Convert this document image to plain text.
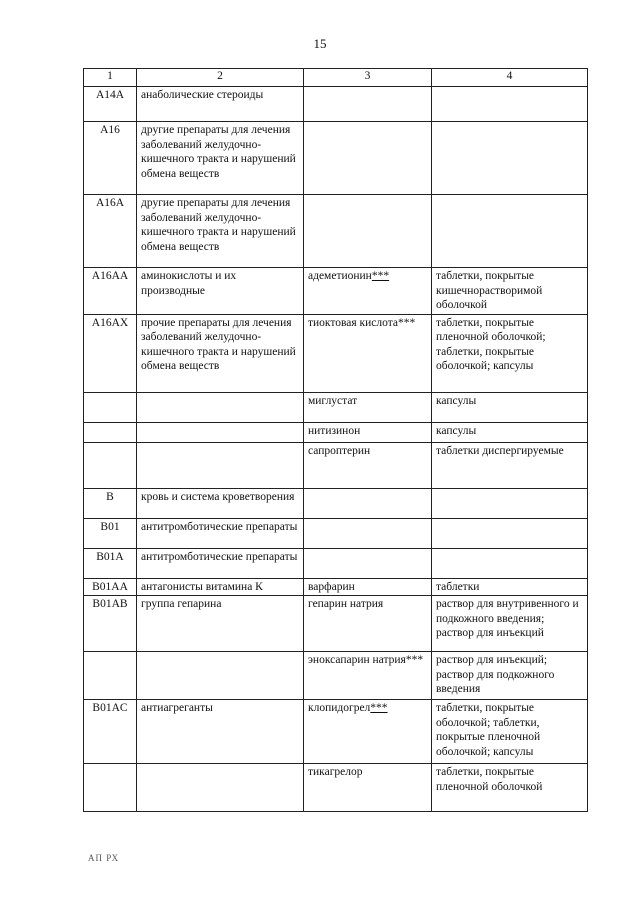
15
1	2	3	4
A14A	анаболические стероиды		
A16	другие препараты для лечения заболеваний желудочно-кишечного тракта и нарушений обмена веществ		
A16A	другие препараты для лечения заболеваний желудочно-кишечного тракта и нарушений обмена веществ		
A16AA	аминокислоты и их производные	адеметионин***	таблетки, покрытые кишечнорастворимой оболочкой
A16AX	прочие препараты для лечения заболеваний желудочно-кишечного тракта и нарушений обмена веществ	тиоктовая кислота***	таблетки, покрытые пленочной оболочкой; таблетки, покрытые оболочкой; капсулы
		миглустат	капсулы
		нитизинон	капсулы
		сапроптерин	таблетки диспергируемые
B	кровь и система кроветворения		
B01	антитромботические препараты		
B01A	антитромботические препараты		
B01AA	антагонисты витамина К	варфарин	таблетки
B01AB	группа гепарина	гепарин натрия	раствор для внутривенного и подкожного введения; раствор для инъекций
		эноксапарин натрия***	раствор для инъекций; раствор для подкожного введения
B01AC	антиагреганты	клопидогрел***	таблетки, покрытые оболочкой; таблетки, покрытые пленочной оболочкой; капсулы
		тикагрелор	таблетки, покрытые пленочной оболочкой
АП РХ
